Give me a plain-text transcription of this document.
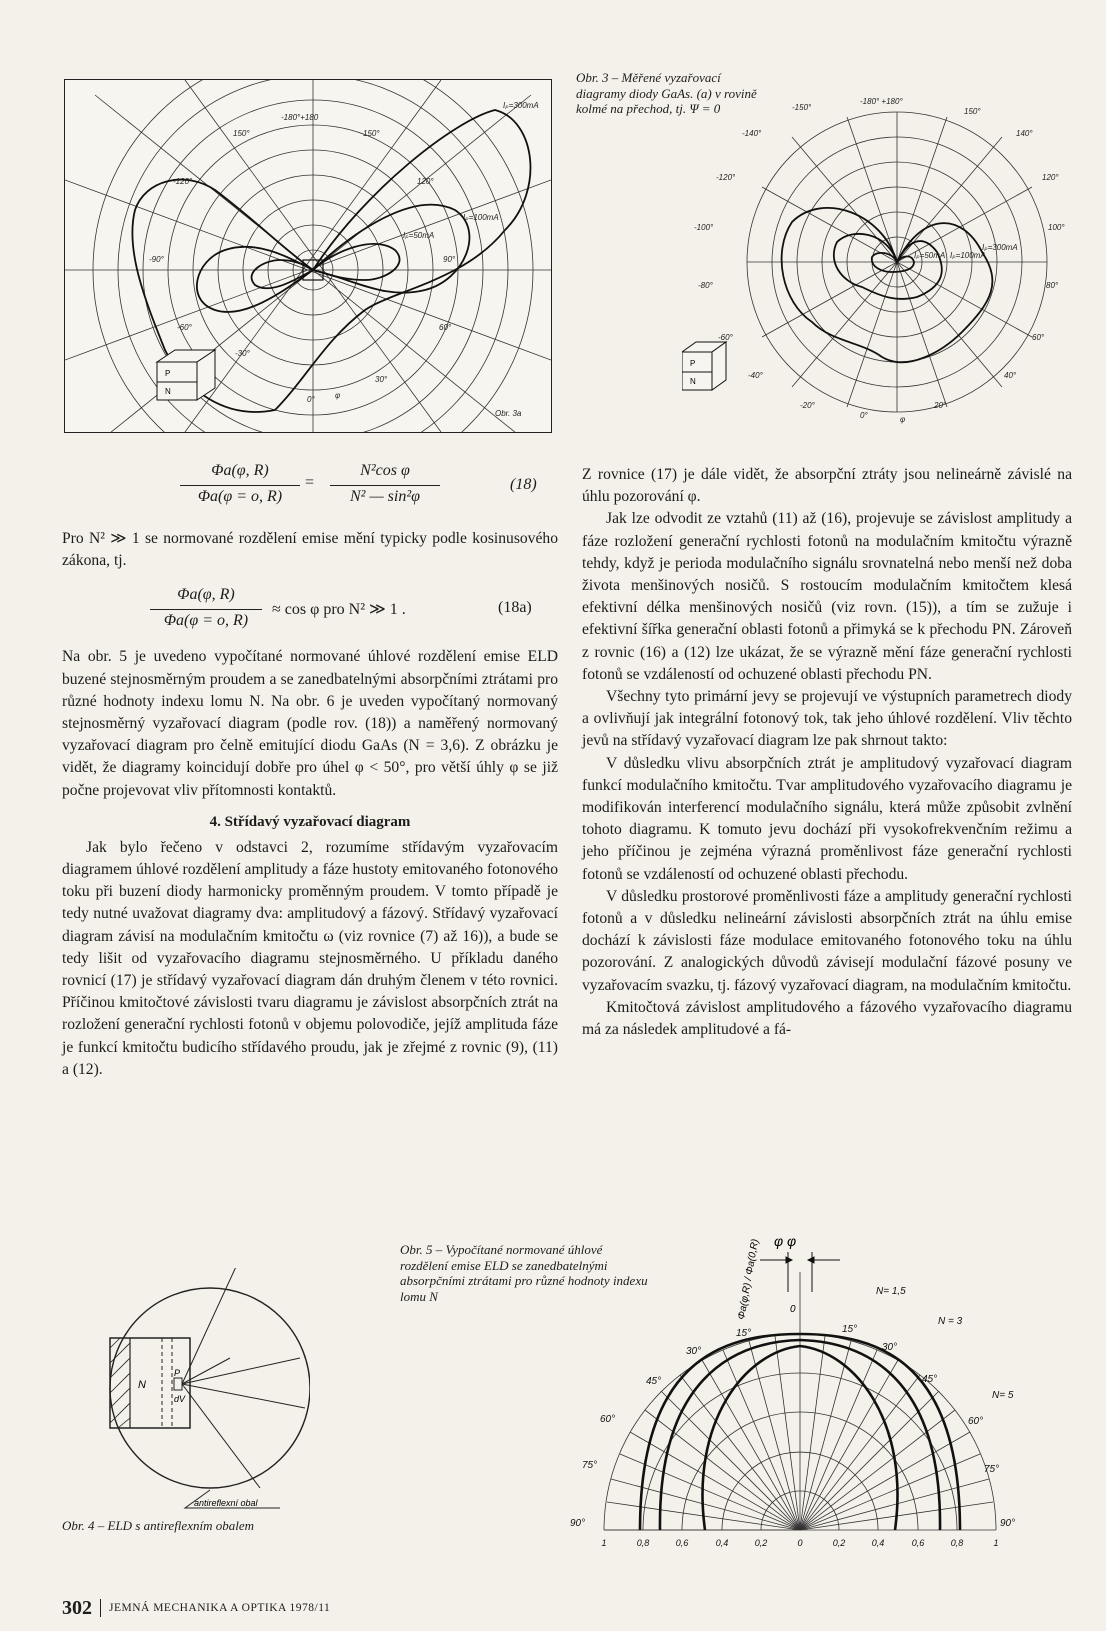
P
N
Iₚ=300mA
Iₚ=100mA
Iₚ=50mA
-180°+180
150°	150°
-120°	120°
-90°	90°
-60°	60°
-30°
30°
0°	φ
Obr. 3a
Obr. 3 – Měřené vyzařovací diagramy diody GaAs. (a) v rovině kolmé na přechod, tj. Ψ = 0
P
N
-180° +180°
-150°	150°
-140°	140°
-120°	120°
-100°	100°
-80°	80°
-60°	60°
-40°	40°
-20°	20°
0°	φ
Iₚ=50mA Iₚ=100mA
Iₚ=300mA
Φa(φ, R)
Φa(φ = o, R)
=
N²cos φ
N² — sin²φ
(18)

Pro N² ≫ 1 se normované rozdělení emise mění typicky podle kosinusového zákona, tj.

Φa(φ, R)
Φa(φ = o, R)
≈ cos φ pro N² ≫ 1 .	(18a)

Na obr. 5 je uvedeno vypočítané normované úhlové rozdělení emise ELD buzené stejnosměrným proudem a se zanedbatelnými absorpčními ztrátami pro různé hodnoty indexu lomu N. Na obr. 6 je uveden vypočítaný normovaný stejnosměrný vyzařovací diagram (podle rov. (18)) a naměřený normovaný vyzařovací diagram pro čelně emitující diodu GaAs (N = 3,6). Z obrázku je vidět, že diagramy koincidují dobře pro úhel φ < 50°, pro větší úhly φ se již počne projevovat vliv přítomnosti kontaktů.

4. Střídavý vyzařovací diagram

Jak bylo řečeno v odstavci 2, rozumíme střídavým vyzařovacím diagramem úhlové rozdělení amplitudy a fáze hustoty emitovaného fotonového toku při buzení diody harmonicky proměnným proudem. V tomto případě je tedy nutné uvažovat diagramy dva: amplitudový a fázový. Střídavý vyzařovací diagram závisí na modulačním kmitočtu ω (viz rovnice (7) až 16)), a bude se tedy lišit od vyzařovacího diagramu stejnosměrného. U příkladu daného rovnicí (17) je střídavý vyzařovací diagram dán druhým členem v této rovnici. Příčinou kmitočtové závislosti tvaru diagramu je závislost absorpčních ztrát na rozložení generační rychlosti fotonů v objemu polovodiče, jejíž amplituda fáze je funkcí kmitočtu budicího střídavého proudu, jak je zřejmé z rovnic (9), (11) a (12).

Z rovnice (17) je dále vidět, že absorpční ztráty jsou nelineárně závislé na úhlu pozorování φ.

Jak lze odvodit ze vztahů (11) až (16), projevuje se závislost amplitudy a fáze rozložení generační rychlosti fotonů na modulačním kmitočtu výrazně tehdy, když je perioda modulačního signálu srovnatelná nebo menší než doba života menšinových nosičů. S rostoucím modulačním kmitočtem klesá efektivní délka menšinových nosičů (viz rovn. (15)), a tím se zužuje i efektivní šířka generační oblasti fotonů a přimyká se k přechodu PN. Zároveň z rovnic (16) a (12) lze ukázat, že se výrazně mění fáze generační rychlosti fotonů se vzdáleností od ochuzené oblasti přechodu PN.

Všechny tyto primární jevy se projevují ve výstupních parametrech diody a ovlivňují jak integrální fotonový tok, tak jeho úhlové rozdělení. Vliv těchto jevů na střídavý vyzařovací diagram lze pak shrnout takto:

V důsledku vlivu absorpčních ztrát je amplitudový vyzařovací diagram funkcí modulačního kmitočtu. Tvar amplitudového vyzařovacího diagramu je modifikován interferencí modulačního signálu, která může způsobit zvlnění tohoto diagramu. K tomuto jevu dochází při vysokofrekvenčním režimu a jeho příčinou je zejména výrazná proměnlivost fáze generační rychlosti fotonů se vzdáleností od ochuzené oblasti přechodu.

V důsledku prostorové proměnlivosti fáze a amplitudy generační rychlosti fotonů a v důsledku nelineární závislosti absorpčních ztrát na úhlu emise dochází k závislosti fáze modulace emitovaného fotonového toku na úhlu pozorování. Z analogických důvodů závisejí modulační fázové posuny ve vyzařovacím svazku, tj. fázový vyzařovací diagram, na modulačním kmitočtu.

Kmitočtová závislost amplitudového a fázového vyzařovacího diagramu má za následek amplitudové a fá-

N
P
dV
antireflexní obal
Obr. 4 – ELD s antireflexním obalem
Obr. 5 – Vypočítané normované úhlové rozdělení emise ELD se zanedbatelnými absorpčními ztrátami pro různé hodnoty indexu lomu N
φ φ
0
Φa(φ,R) / Φa(0,R)	N= 1,5
N = 3
N= 5
15°	15°
30°	30°
45°	45°
60°	60°
75°	75°
90°	90°
1	0,8	0,6	0,4	0,2	0	0,2	0,4	0,6	0,8	1
302 JEMNÁ MECHANIKA A OPTIKA 1978/11
